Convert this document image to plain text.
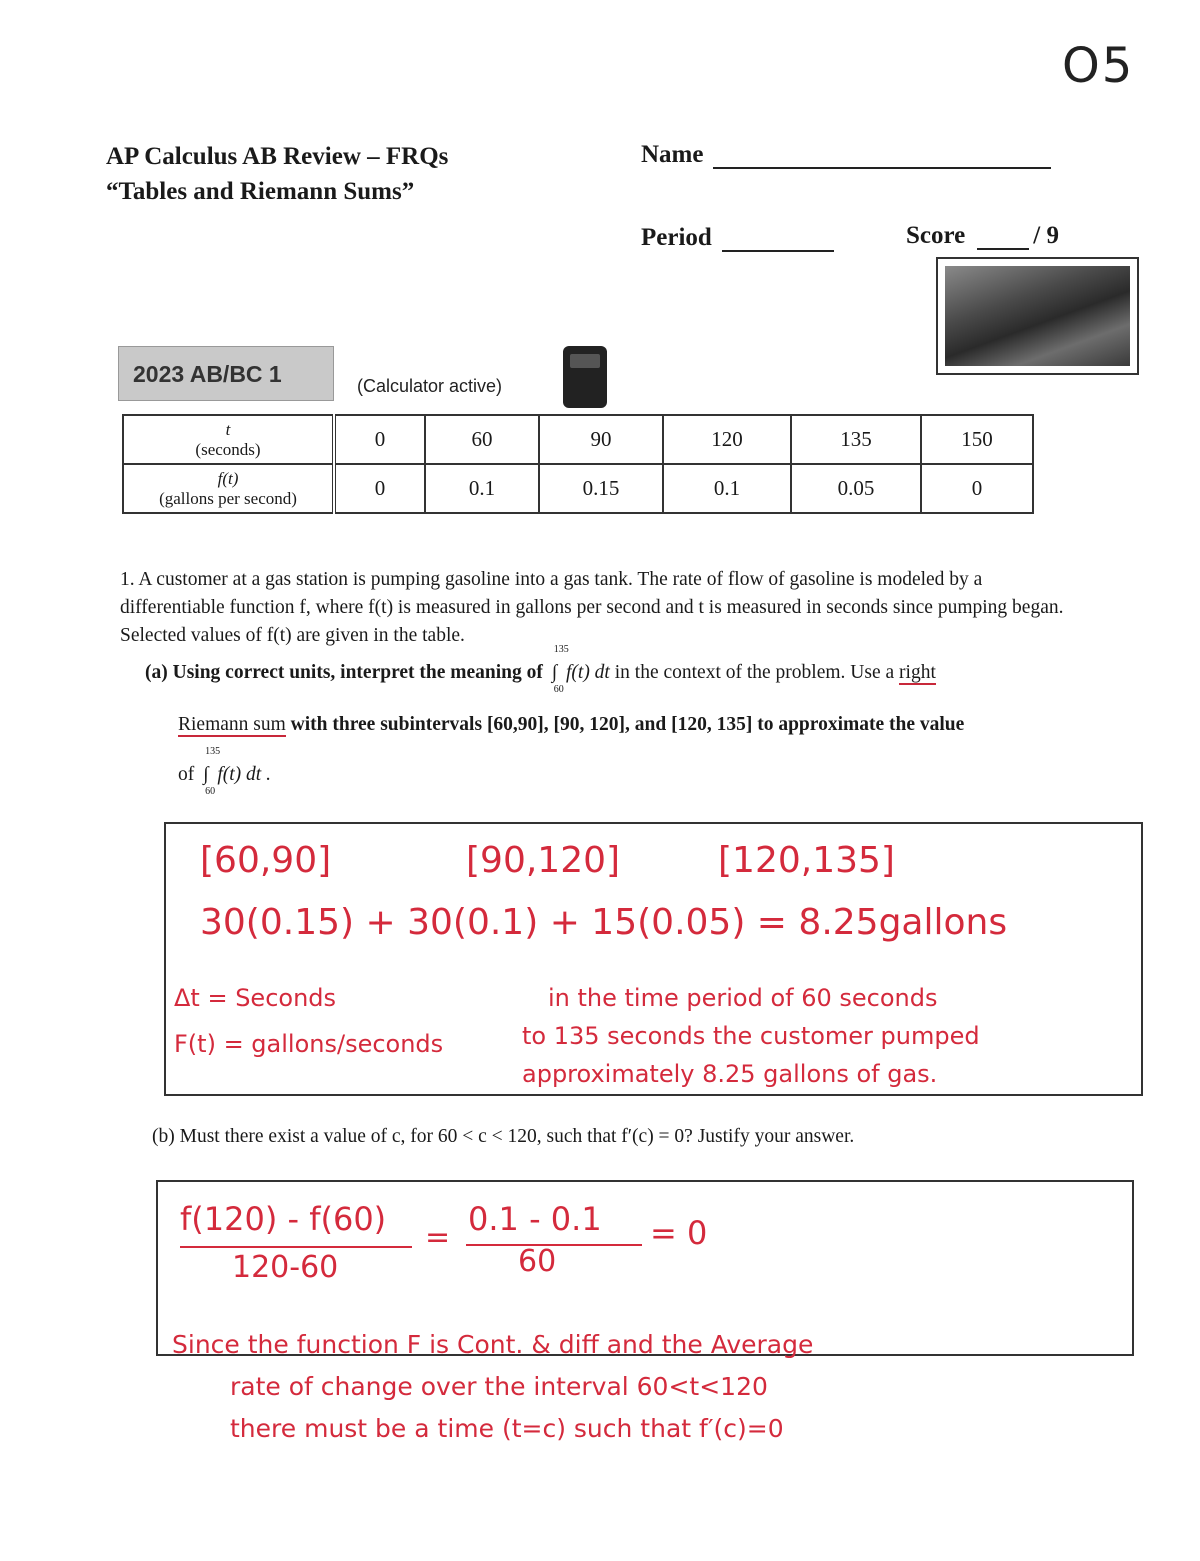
O5
AP Calculus AB Review – FRQs
“Tables and Riemann Sums”
Name
Period	Score	/ 9
2023 AB/BC 1	(Calculator active)
t
(seconds)	0	60	90	120	135	150

f(t)
(gallons per second)	0	0.1	0.15	0.1	0.05	0
1. A customer at a gas station is pumping gasoline into a gas tank. The rate of flow of gasoline is modeled by a differentiable function f, where f(t) is measured in gallons per second and t is measured in seconds since pumping began. Selected values of f(t) are given in the table.
(a) Using correct units, interpret the meaning of ∫
135
60
f(t) dt in the context of the problem. Use a right
Riemann sum with three subintervals [60,90], [90, 120], and [120, 135] to approximate the value
of ∫
135
60
f(t) dt .
[60,90]	[90,120]	[120,135]
30(0.15) + 30(0.1) + 15(0.05) = 8.25gallons
Δt = Seconds
F(t) = gallons/seconds
in the time period of 60 seconds
to 135 seconds the customer pumped
approximately 8.25 gallons of gas.
(b) Must there exist a value of c, for 60 < c < 120, such that f′(c) = 0? Justify your answer.
f(120) - f(60)
120-60
= 0.1 - 0.1
60
= 0
Since the function F is Cont. & diff and the Average
rate of change over the interval 60<t<120
there must be a time (t=c) such that f′(c)=0
